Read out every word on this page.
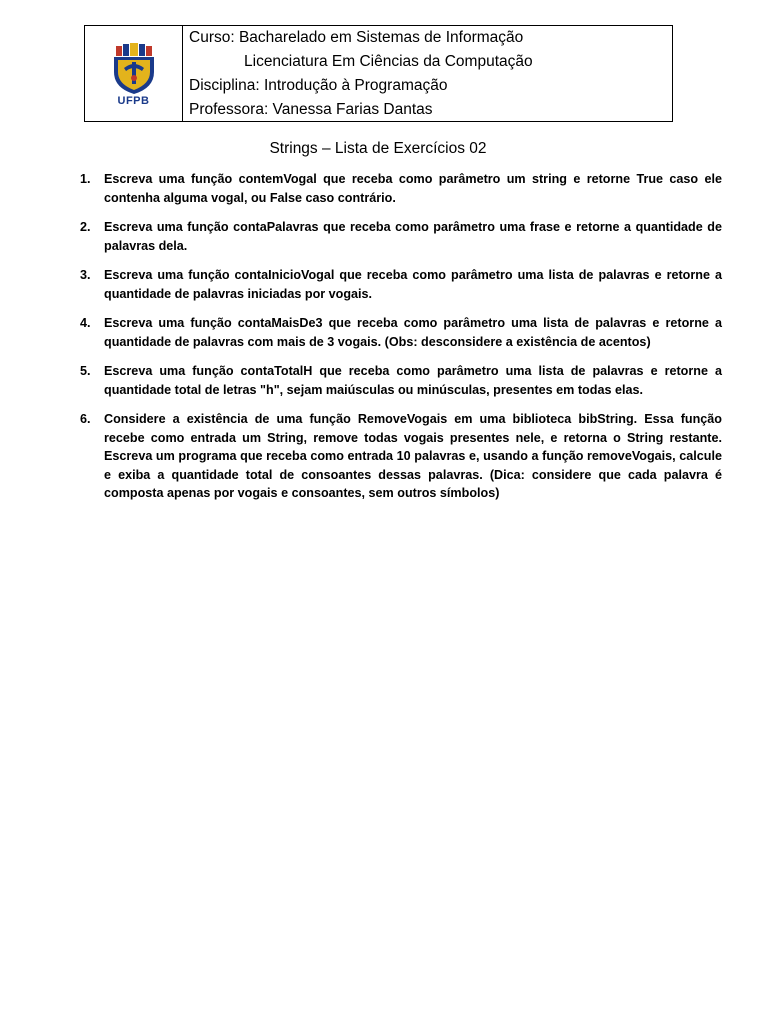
UFPB
Curso: Bacharelado em Sistemas de Informação
Licenciatura Em Ciências da Computação
Disciplina: Introdução à Programação
Professora: Vanessa Farias Dantas
Strings – Lista de Exercícios 02
1.	Escreva uma função contemVogal que receba como parâmetro um string e retorne True caso ele contenha alguma vogal, ou False caso contrário.
2.	Escreva uma função contaPalavras que receba como parâmetro uma frase e retorne a quantidade de palavras dela.
3.	Escreva uma função contaInicioVogal que receba como parâmetro uma lista de palavras e retorne a quantidade de palavras iniciadas por vogais.
4.	Escreva uma função contaMaisDe3 que receba como parâmetro uma lista de palavras e retorne a quantidade de palavras com mais de 3 vogais. (Obs: desconsidere a existência de acentos)
5.	Escreva uma função contaTotalH que receba como parâmetro uma lista de palavras e retorne a quantidade total de letras "h", sejam maiúsculas ou minúsculas, presentes em todas elas.
6.	Considere a existência de uma função RemoveVogais em uma biblioteca bibString. Essa função recebe como entrada um String, remove todas vogais presentes nele, e retorna o String restante. Escreva um programa que receba como entrada 10 palavras e, usando a função removeVogais, calcule e exiba a quantidade total de consoantes dessas palavras. (Dica: considere que cada palavra é composta apenas por vogais e consoantes, sem outros símbolos)
